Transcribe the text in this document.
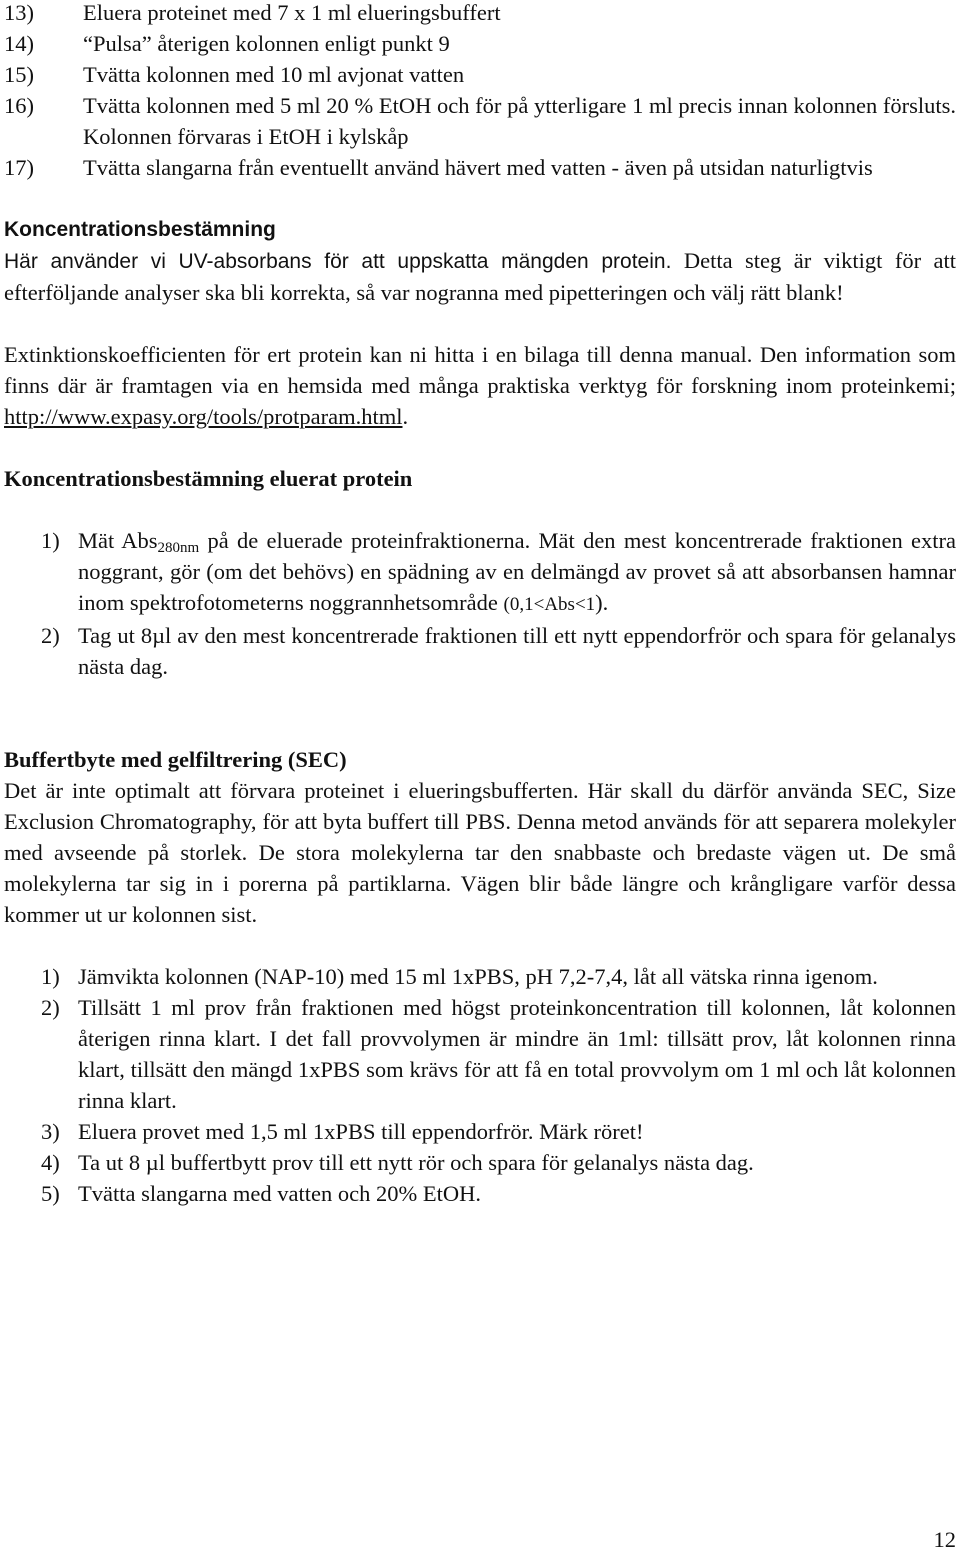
13)	Eluera proteinet med 7 x 1 ml elueringsbuffert
14)	“Pulsa” återigen kolonnen enligt punkt 9
15)	Tvätta kolonnen med 10 ml avjonat vatten
16)	Tvätta kolonnen med 5 ml 20 % EtOH och för på ytterligare 1 ml precis innan kolonnen försluts. Kolonnen förvaras i EtOH i kylskåp
17)	Tvätta slangarna från eventuellt använd hävert med vatten - även på utsidan naturligtvis
Koncentrationsbestämning

Här använder vi UV-absorbans för att uppskatta mängden protein. Detta steg är viktigt för att efterföljande analyser ska bli korrekta, så var nogranna med pipetteringen och välj rätt blank!

Extinktionskoefficienten för ert protein kan ni hitta i en bilaga till denna manual. Den information som finns där är framtagen via en hemsida med många praktiska verktyg för forskning inom proteinkemi; http://www.expasy.org/tools/protparam.html.

Koncentrationsbestämning eluerat protein
1) Mät Abs$_{280nm}$ på de eluerade proteinfraktionerna. Mät den mest koncentrerade fraktionen extra noggrant, gör (om det behövs) en spädning av en delmängd av provet så att absorbansen hamnar inom spektrofotometerns noggrannhetsområde (0,1<Abs<1).
2) Tag ut 8µl av den mest koncentrerade fraktionen till ett nytt eppendorfrör och spara för gelanalys nästa dag.
Buffertbyte med gelfiltrering (SEC)

Det är inte optimalt att förvara proteinet i elueringsbufferten. Här skall du därför använda SEC, Size Exclusion Chromatography, för att byta buffert till PBS. Denna metod används för att separera molekyler med avseende på storlek. De stora molekylerna tar den snabbaste och bredaste vägen ut. De små molekylerna tar sig in i porerna på partiklarna. Vägen blir både längre och krångligare varför dessa kommer ut ur kolonnen sist.

1) Jämvikta kolonnen (NAP-10) med 15 ml 1xPBS, pH 7,2-7,4, låt all vätska rinna igenom.
2) Tillsätt 1 ml prov från fraktionen med högst proteinkoncentration till kolonnen, låt kolonnen återigen rinna klart. I det fall provvolymen är mindre än 1ml: tillsätt prov, låt kolonnen rinna klart, tillsätt den mängd 1xPBS som krävs för att få en total provvolym om 1 ml och låt kolonnen rinna klart.
3) Eluera provet med 1,5 ml 1xPBS till eppendorfrör. Märk röret!
4) Ta ut 8 µl buffertbytt prov till ett nytt rör och spara för gelanalys nästa dag.
5) Tvätta slangarna med vatten och 20% EtOH.
12
